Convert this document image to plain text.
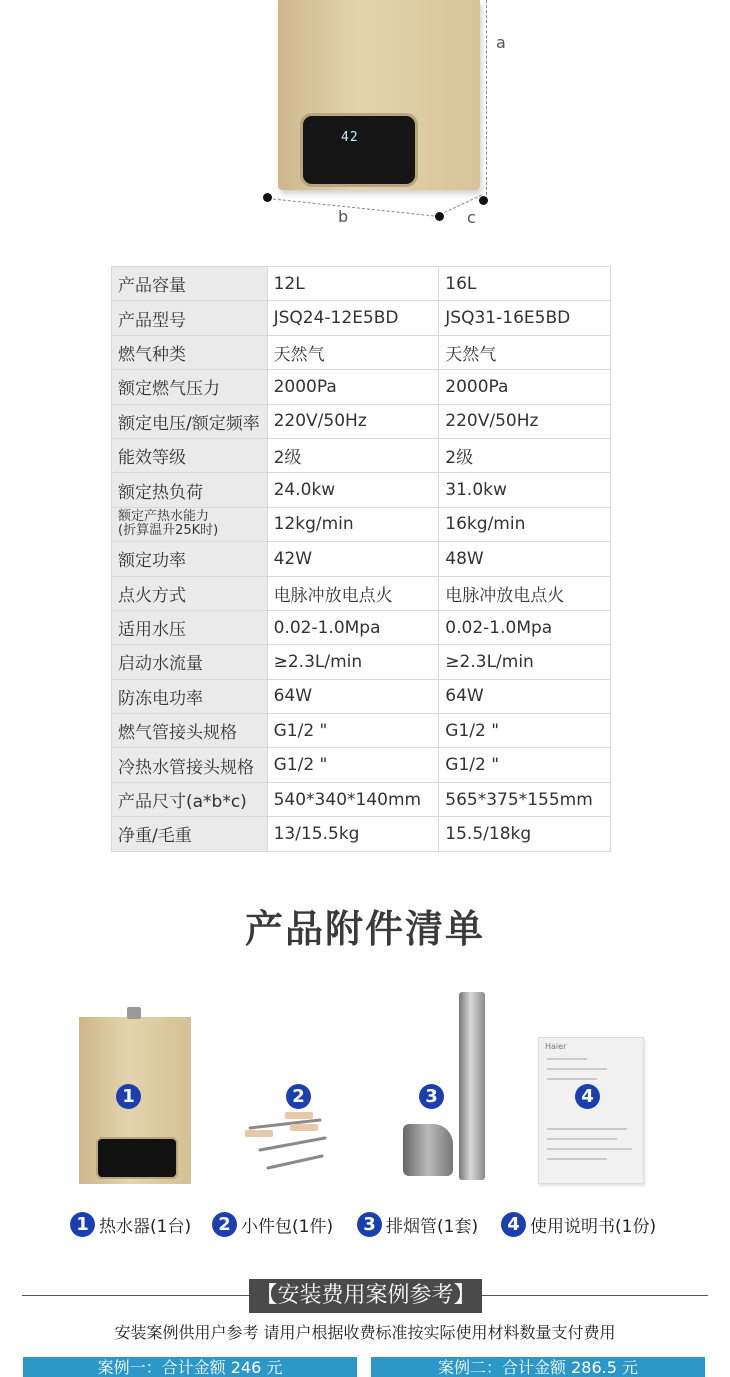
42
a
b	c
产品容量	12L	16L
产品型号	JSQ24-12E5BD	JSQ31-16E5BD
燃气种类	天然气	天然气
额定燃气压力	2000Pa	2000Pa
额定电压/额定频率	220V/50Hz	220V/50Hz
能效等级	2级	2级
额定热负荷	24.0kw	31.0kw
额定产热水能力
(折算温升25K时)	12kg/min	16kg/min
额定功率	42W	48W
点火方式	电脉冲放电点火	电脉冲放电点火
适用水压	0.02-1.0Mpa	0.02-1.0Mpa
启动水流量	≥2.3L/min	≥2.3L/min
防冻电功率	64W	64W
燃气管接头规格	G1/2 "	G1/2 "
冷热水管接头规格	G1/2 "	G1/2 "
产品尺寸(a*b*c)	540*340*140mm	565*375*155mm
净重/毛重	13/15.5kg	15.5/18kg
产品附件清单
1	2	3
Haier
4
1 热水器(1台)	2 小件包(1件)	3 排烟管(1套)	4 使用说明书(1份)
【安装费用案例参考】
安装案例供用户参考 请用户根据收费标准按实际使用材料数量支付费用
案例一：合计金额 246 元	案例二：合计金额 286.5 元
